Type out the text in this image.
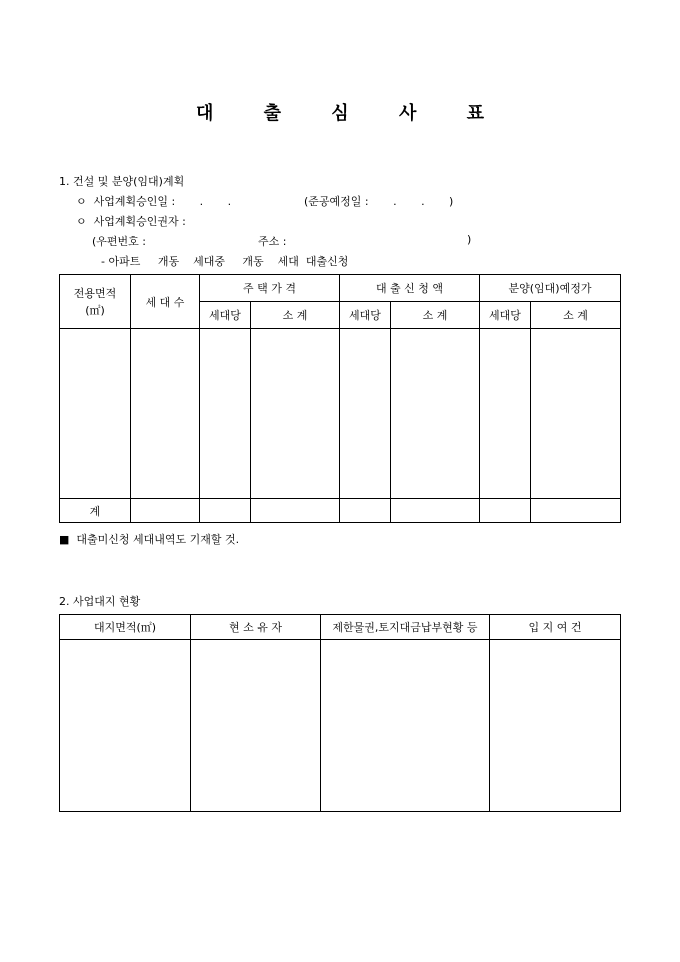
대 출 심 사 표
1. 건설 및 분양(임대)계획
ㅇ  사업계획승인일 :       .       .	(준공예정일 :       .       .       )
ㅇ  사업계획승인권자 :
(우편번호 :	주소 :	)
- 아파트     개동    세대중     개동    세대  대출신청
전용면적
(㎡)	세 대 수	주 택 가 격		대 출 신 청 액		분양(임대)예정가	
		세대당	소 계	세대당	소 계	세대당	소 계

계							
■  대출미신청 세대내역도 기재할 것.
2. 사업대지 현황
대지면적(㎡)	현 소 유 자	제한물권,토지대금납부현황 등	입 지 여 건
